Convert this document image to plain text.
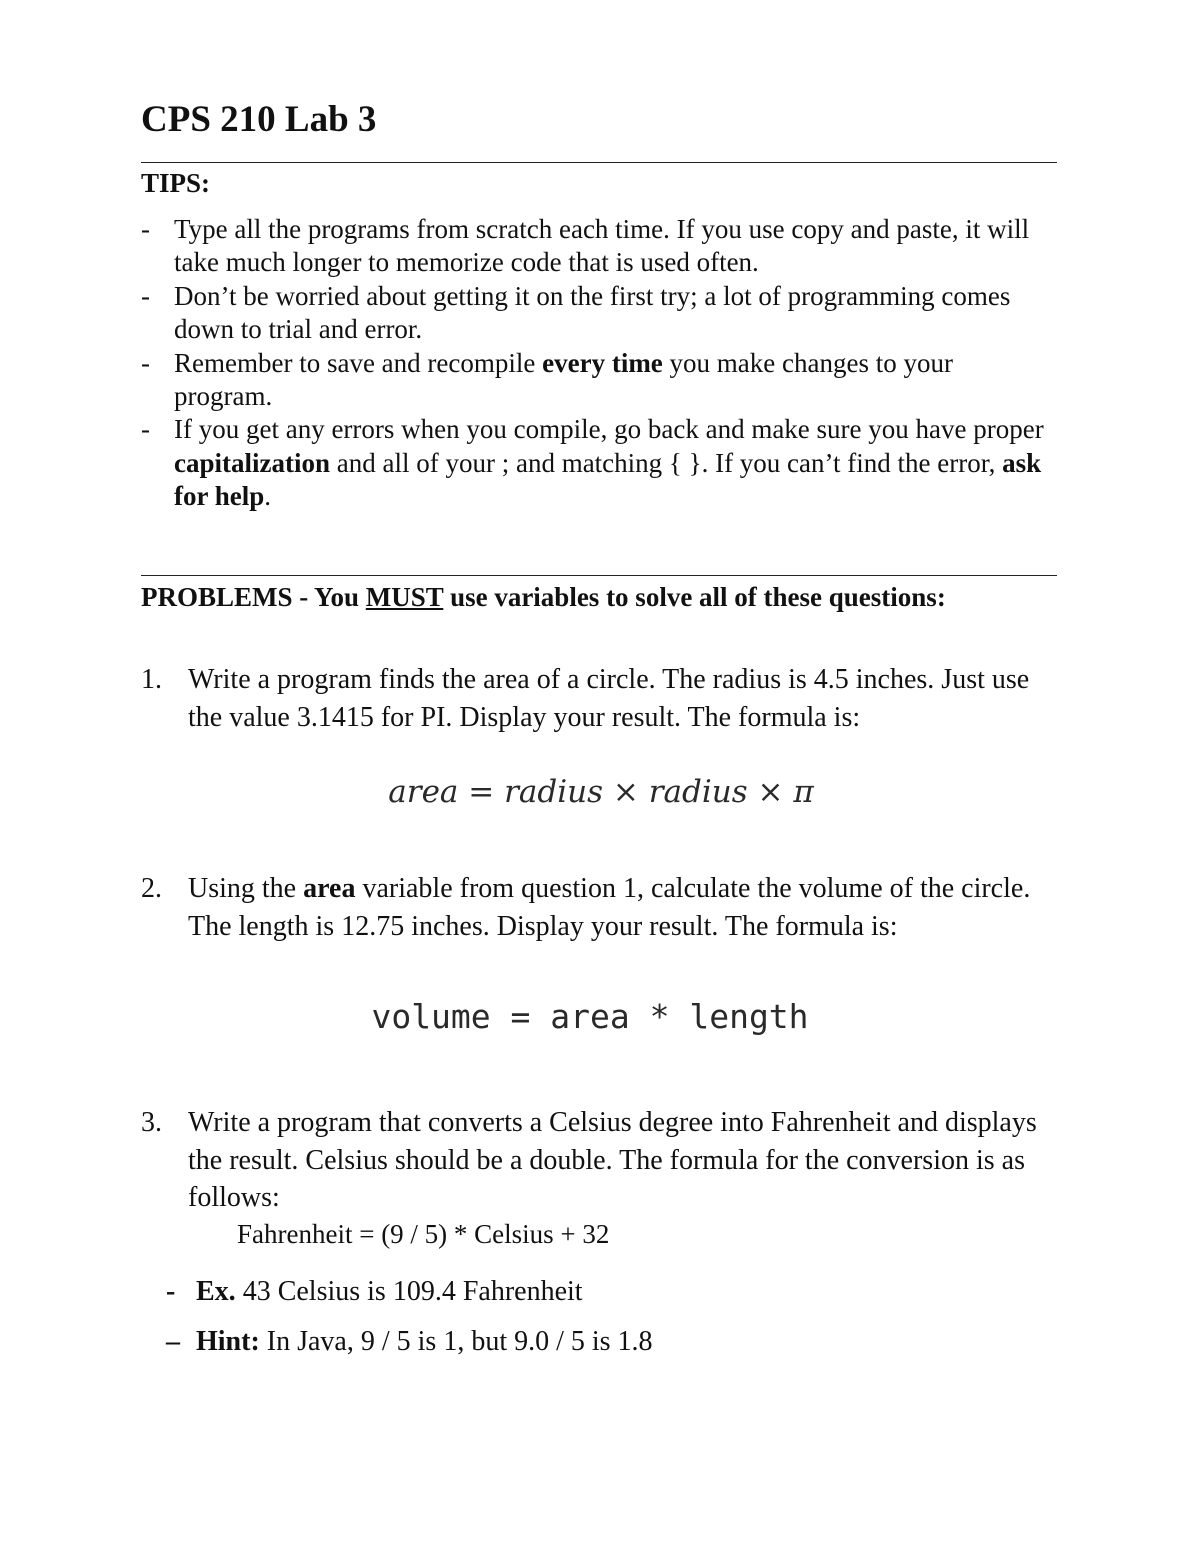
CPS 210 Lab 3
TIPS:
- Type all the programs from scratch each time. If you use copy and paste, it will take much longer to memorize code that is used often.
- Don’t be worried about getting it on the first try; a lot of programming comes down to trial and error.
- Remember to save and recompile every time you make changes to your program.
- If you get any errors when you compile, go back and make sure you have proper capitalization and all of your ; and matching { }. If you can’t find the error, ask for help.
PROBLEMS - You MUST use variables to solve all of these questions:
1. Write a program finds the area of a circle. The radius is 4.5 inches. Just use the value 3.1415 for PI. Display your result. The formula is:
area = radius × radius × π
2. Using the area variable from question 1, calculate the volume of the circle. The length is 12.75 inches. Display your result. The formula is:
volume = area * length
3. Write a program that converts a Celsius degree into Fahrenheit and displays the result. Celsius should be a double. The formula for the conversion is as follows:
Fahrenheit = (9 / 5) * Celsius + 32
- Ex. 43 Celsius is 109.4 Fahrenheit
– Hint: In Java, 9 / 5 is 1, but 9.0 / 5 is 1.8
